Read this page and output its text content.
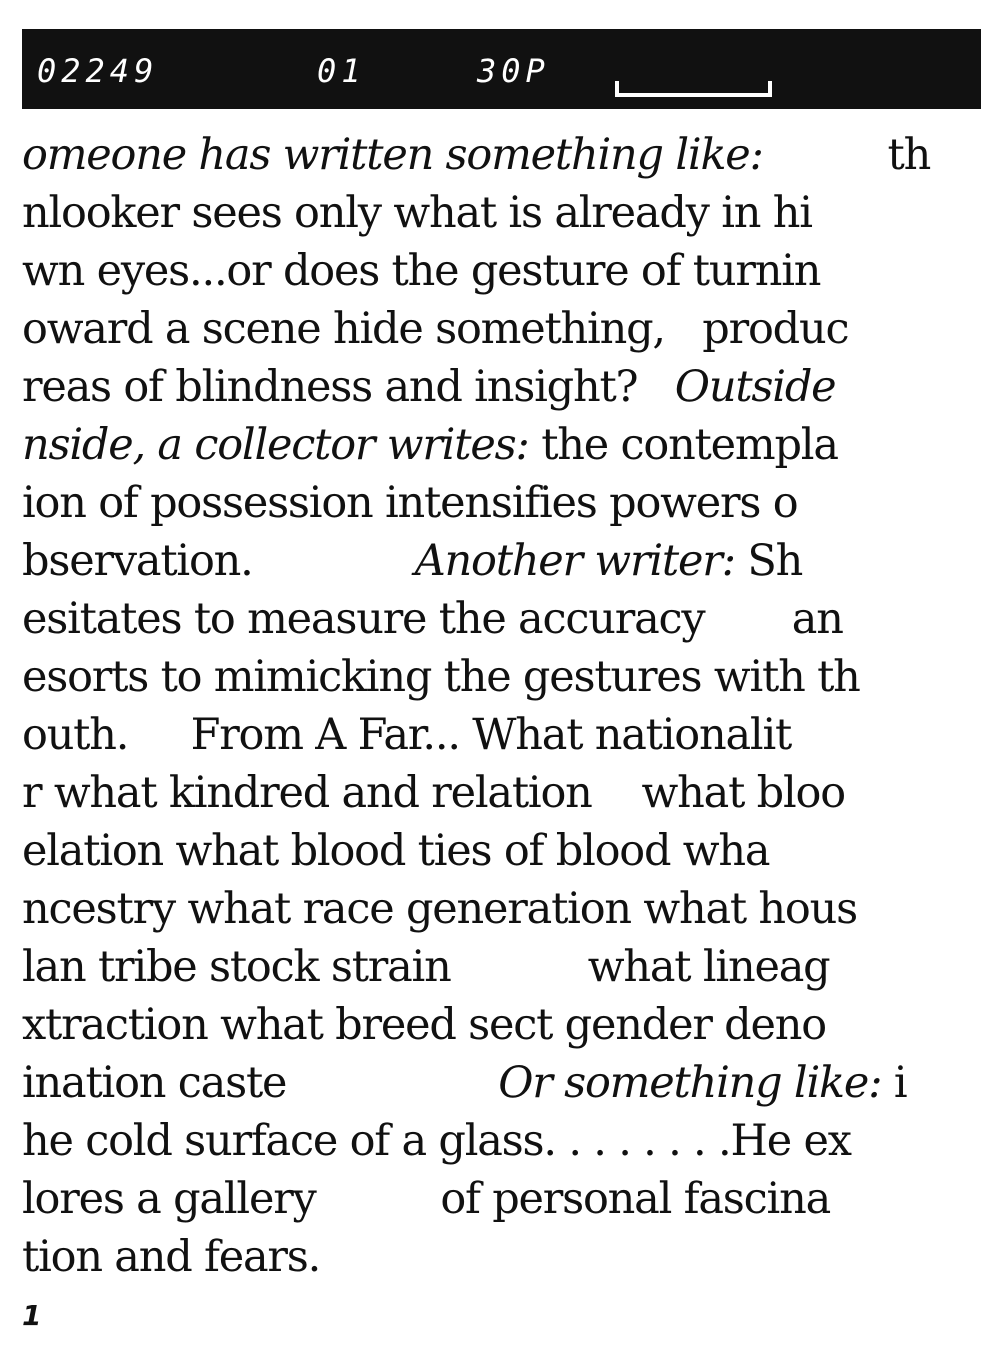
02249	01	30P
omeone has written something like:          th
nlooker sees only what is already in hi
wn eyes...or does the gesture of turnin
oward a scene hide something,   produc
reas of blindness and insight?   Outside
nside, a collector writes: the contempla
ion of possession intensifies powers o
bservation.             Another writer: Sh
esitates to measure the accuracy       an
esorts to mimicking the gestures with th
outh.     From A Far... What nationalit
r what kindred and relation    what bloo
elation what blood ties of blood wha
ncestry what race generation what hous
lan tribe stock strain           what lineag
xtraction what breed sect gender deno
ination caste                 Or something like: i
he cold surface of a glass. . . . . . . .He ex
lores a gallery          of personal fascina
tion and fears.
1
